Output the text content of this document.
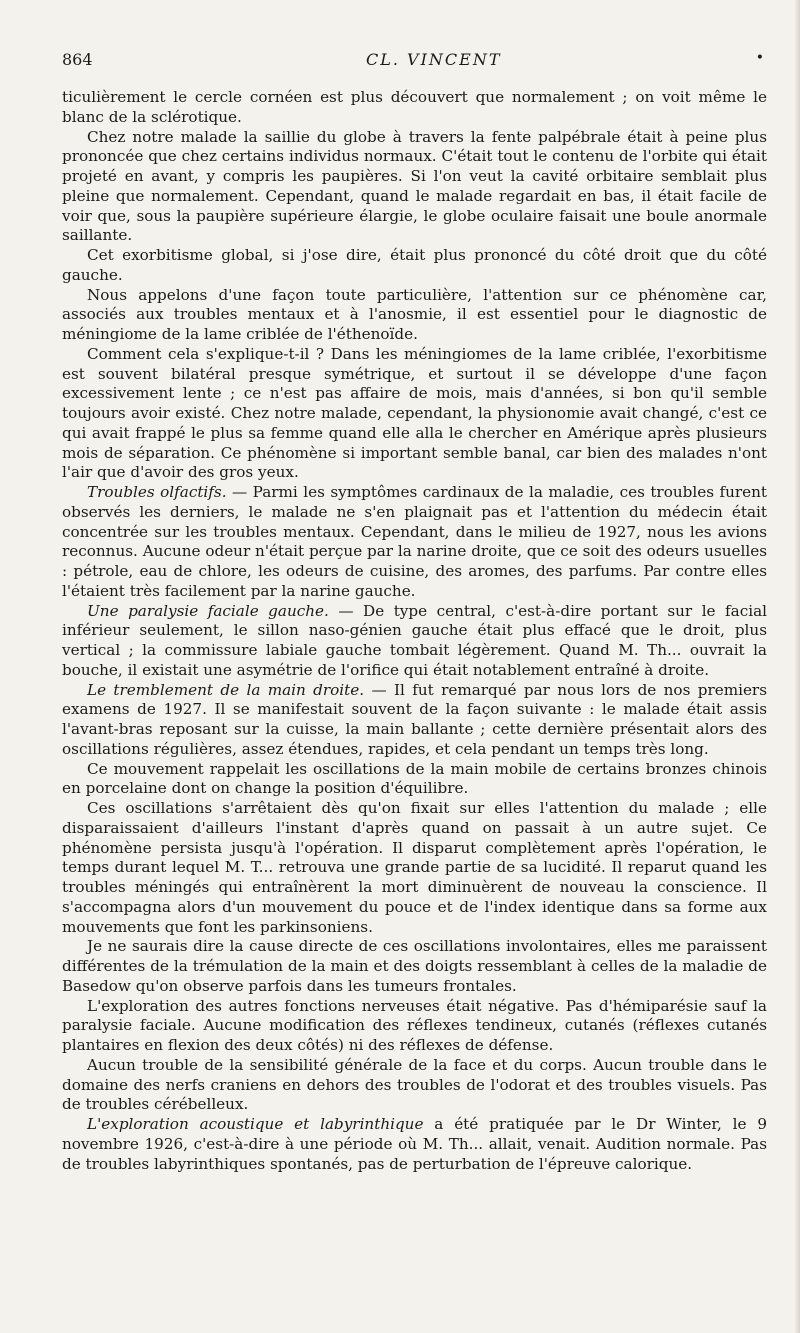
864	CL. VINCENT	•

ticulièrement le cercle cornéen est plus découvert que normalement ; on voit même le blanc de la sclérotique.

Chez notre malade la saillie du globe à travers la fente palpébrale était à peine plus prononcée que chez certains individus normaux. C'était tout le contenu de l'orbite qui était projeté en avant, y compris les paupières. Si l'on veut la cavité orbitaire semblait plus pleine que normalement. Cependant, quand le malade regardait en bas, il était facile de voir que, sous la paupière supérieure élargie, le globe oculaire faisait une boule anormale saillante.

Cet exorbitisme global, si j'ose dire, était plus prononcé du côté droit que du côté gauche.

Nous appelons d'une façon toute particulière, l'attention sur ce phénomène car, associés aux troubles mentaux et à l'anosmie, il est essentiel pour le diagnostic de méningiome de la lame criblée de l'éthenoïde.

Comment cela s'explique-t-il ? Dans les méningiomes de la lame criblée, l'exorbitisme est souvent bilatéral presque symétrique, et surtout il se développe d'une façon excessivement lente ; ce n'est pas affaire de mois, mais d'années, si bon qu'il semble toujours avoir existé. Chez notre malade, cependant, la physionomie avait changé, c'est ce qui avait frappé le plus sa femme quand elle alla le chercher en Amérique après plusieurs mois de séparation. Ce phénomène si important semble banal, car bien des malades n'ont l'air que d'avoir des gros yeux.

Troubles olfactifs. — Parmi les symptômes cardinaux de la maladie, ces troubles furent observés les derniers, le malade ne s'en plaignait pas et l'attention du médecin était concentrée sur les troubles mentaux. Cependant, dans le milieu de 1927, nous les avions reconnus. Aucune odeur n'était perçue par la narine droite, que ce soit des odeurs usuelles : pétrole, eau de chlore, les odeurs de cuisine, des aromes, des parfums. Par contre elles l'étaient très facilement par la narine gauche.

Une paralysie faciale gauche. — De type central, c'est-à-dire portant sur le facial inférieur seulement, le sillon naso-génien gauche était plus effacé que le droit, plus vertical ; la commissure labiale gauche tombait légèrement. Quand M. Th... ouvrait la bouche, il existait une asymétrie de l'orifice qui était notablement entraîné à droite.

Le tremblement de la main droite. — Il fut remarqué par nous lors de nos premiers examens de 1927. Il se manifestait souvent de la façon suivante : le malade était assis l'avant-bras reposant sur la cuisse, la main ballante ; cette dernière présentait alors des oscillations régulières, assez étendues, rapides, et cela pendant un temps très long.

Ce mouvement rappelait les oscillations de la main mobile de certains bronzes chinois en porcelaine dont on change la position d'équilibre.

Ces oscillations s'arrêtaient dès qu'on fixait sur elles l'attention du malade ; elle disparaissaient d'ailleurs l'instant d'après quand on passait à un autre sujet. Ce phénomène persista jusqu'à l'opération. Il disparut complètement après l'opération, le temps durant lequel M. T... retrouva une grande partie de sa lucidité. Il reparut quand les troubles méningés qui entraînèrent la mort diminuèrent de nouveau la conscience. Il s'accompagna alors d'un mouvement du pouce et de l'index identique dans sa forme aux mouvements que font les parkinsoniens.

Je ne saurais dire la cause directe de ces oscillations involontaires, elles me paraissent différentes de la trémulation de la main et des doigts ressemblant à celles de la maladie de Basedow qu'on observe parfois dans les tumeurs frontales.

L'exploration des autres fonctions nerveuses était négative. Pas d'hémiparésie sauf la paralysie faciale. Aucune modification des réflexes tendineux, cutanés (réflexes cutanés plantaires en flexion des deux côtés) ni des réflexes de défense.

Aucun trouble de la sensibilité générale de la face et du corps. Aucun trouble dans le domaine des nerfs craniens en dehors des troubles de l'odorat et des troubles visuels. Pas de troubles cérébelleux.

L'exploration acoustique et labyrinthique a été pratiquée par le Dr Winter, le 9 novembre 1926, c'est-à-dire à une période où M. Th... allait, venait. Audition normale. Pas de troubles labyrinthiques spontanés, pas de perturbation de l'épreuve calorique.
